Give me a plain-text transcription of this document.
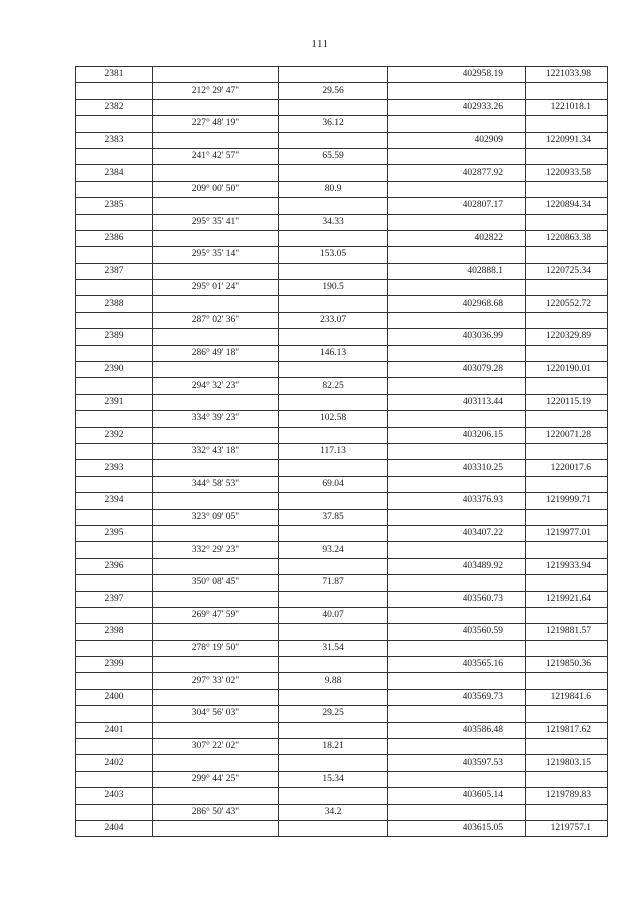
111
2381			402958.19	1221033.98
	212° 29' 47"	29.56		
2382			402933.26	1221018.1
	227° 48' 19"	36.12		
2383			402909	1220991.34
	241° 42' 57"	65.59		
2384			402877.92	1220933.58
	209° 00' 50"	80.9		
2385			402807.17	1220894.34
	295° 35' 41"	34.33		
2386			402822	1220863.38
	295° 35' 14"	153.05		
2387			402888.1	1220725.34
	295° 01' 24"	190.5		
2388			402968.68	1220552.72
	287° 02' 36"	233.07		
2389			403036.99	1220329.89
	286° 49' 18"	146.13		
2390			403079.28	1220190.01
	294° 32' 23"	82.25		
2391			403113.44	1220115.19
	334° 39' 23"	102.58		
2392			403206.15	1220071.28
	332° 43' 18"	117.13		
2393			403310.25	1220017.6
	344° 58' 53"	69.04		
2394			403376.93	1219999.71
	323° 09' 05"	37.85		
2395			403407.22	1219977.01
	332° 29' 23"	93.24		
2396			403489.92	1219933.94
	350° 08' 45"	71.87		
2397			403560.73	1219921.64
	269° 47' 59"	40.07		
2398			403560.59	1219881.57
	278° 19' 50"	31.54		
2399			403565.16	1219850.36
	297° 33' 02"	9.88		
2400			403569.73	1219841.6
	304° 56' 03"	29.25		
2401			403586.48	1219817.62
	307° 22' 02"	18.21		
2402			403597.53	1219803.15
	299° 44' 25"	15.34		
2403			403605.14	1219789.83
	286° 50' 43"	34.2		
2404			403615.05	1219757.1
